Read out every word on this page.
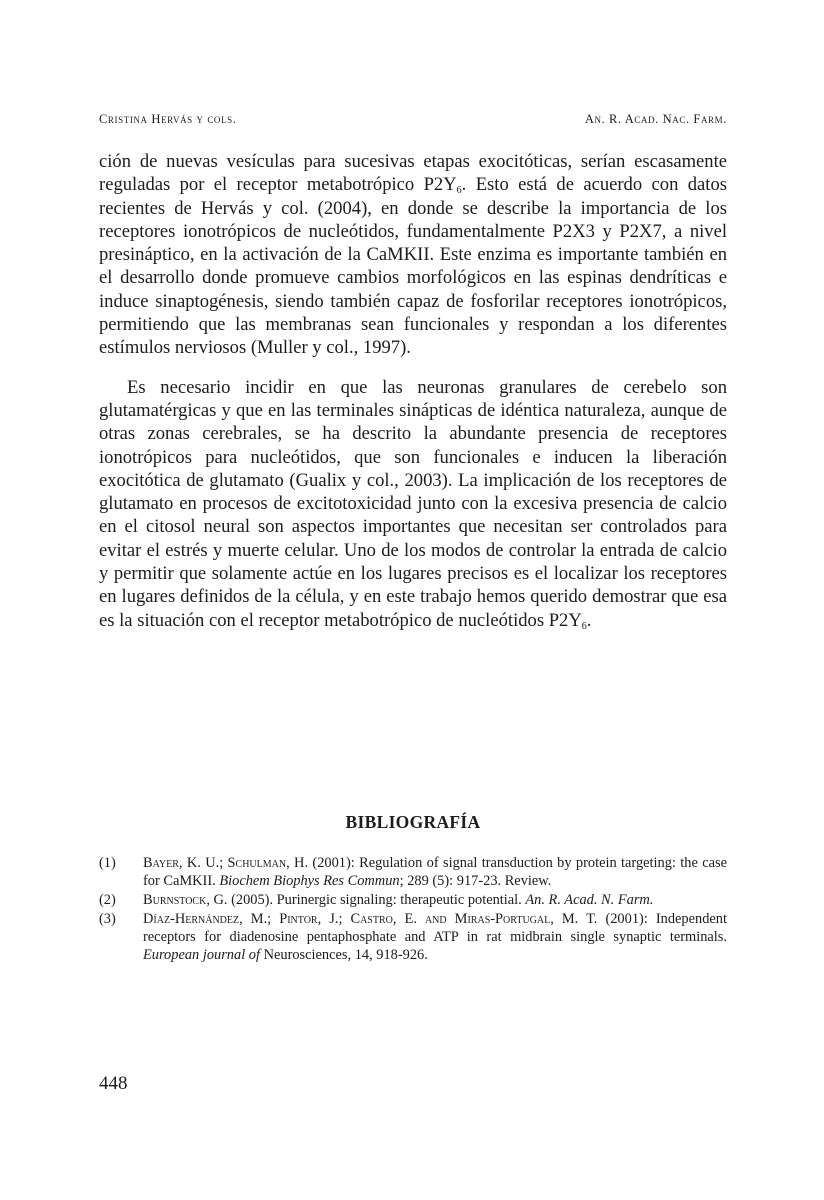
Cristina Hervás y cols.	An. R. Acad. Nac. Farm.

ción de nuevas vesículas para sucesivas etapas exocitóticas, serían escasamente reguladas por el receptor metabotrópico P2Y6. Esto está de acuerdo con datos recientes de Hervás y col. (2004), en donde se describe la importancia de los receptores ionotrópicos de nucleótidos, fundamentalmente P2X3 y P2X7, a nivel presináptico, en la activación de la CaMKII. Este enzima es importante también en el desarrollo donde promueve cambios morfológicos en las espinas dendríticas e induce sinaptogénesis, siendo también capaz de fosforilar receptores ionotrópicos, permitiendo que las membranas sean funcionales y respondan a los diferentes estímulos nerviosos (Muller y col., 1997).

Es necesario incidir en que las neuronas granulares de cerebelo son glutamatérgicas y que en las terminales sinápticas de idéntica naturaleza, aunque de otras zonas cerebrales, se ha descrito la abundante presencia de receptores ionotrópicos para nucleótidos, que son funcionales e inducen la liberación exocitótica de glutamato (Gualix y col., 2003). La implicación de los receptores de glutamato en procesos de excitotoxicidad junto con la excesiva presencia de calcio en el citosol neural son aspectos importantes que necesitan ser controlados para evitar el estrés y muerte celular. Uno de los modos de controlar la entrada de calcio y permitir que solamente actúe en los lugares precisos es el localizar los receptores en lugares definidos de la célula, y en este trabajo hemos querido demostrar que esa es la situación con el receptor metabotrópico de nucleótidos P2Y6.

BIBLIOGRAFÍA
(1)	Bayer, K. U.; Schulman, H. (2001): Regulation of signal transduction by protein targeting: the case for CaMKII. Biochem Biophys Res Commun; 289 (5): 917-23. Review.
(2)	Burnstock, G. (2005). Purinergic signaling: therapeutic potential. An. R. Acad. N. Farm.
(3)	Díaz-Hernández, M.; Pintor, J.; Castro, E. and Miras-Portugal, M. T. (2001): Independent receptors for diadenosine pentaphosphate and ATP in rat midbrain single synaptic terminals. European journal of Neurosciences, 14, 918-926.
448
